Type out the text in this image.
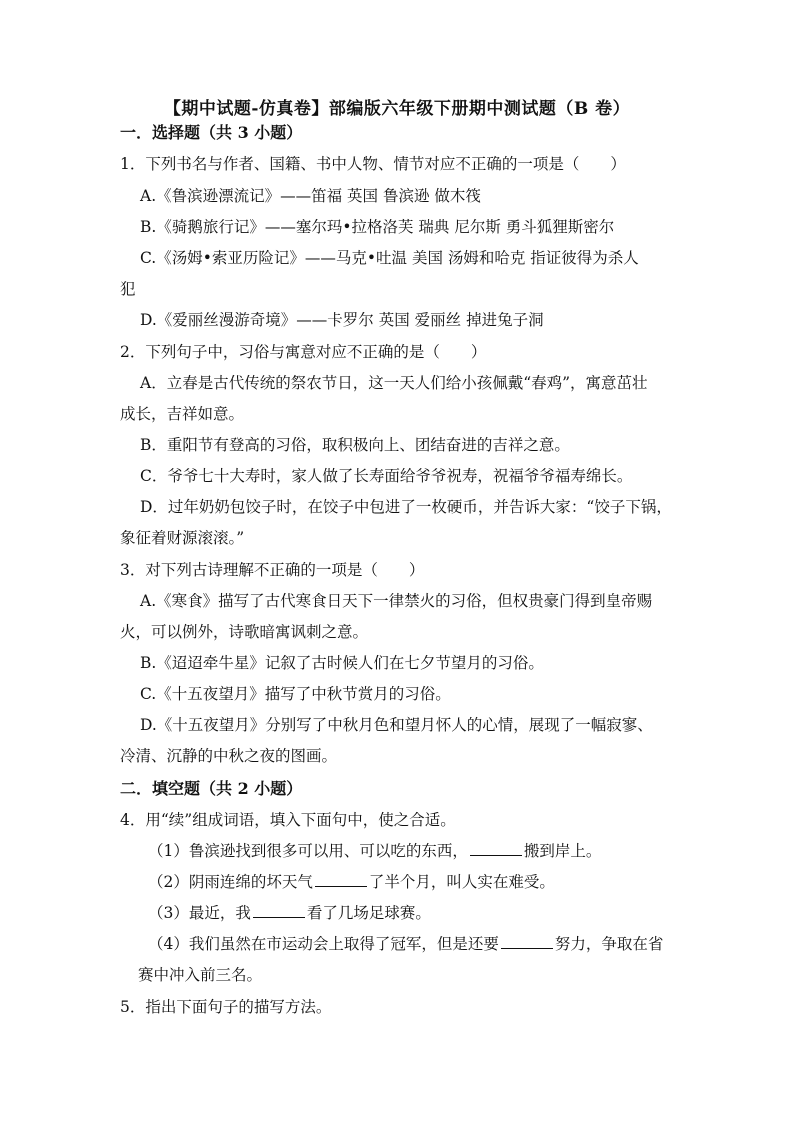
【期中试题-仿真卷】部编版六年级下册期中测试题（B 卷）
一．选择题（共 3 小题）
1．下列书名与作者、国籍、书中人物、情节对应不正确的一项是（　　）
A.《鲁滨逊漂流记》——笛福 英国 鲁滨逊 做木筏
B.《骑鹅旅行记》——塞尔玛•拉格洛芙 瑞典 尼尔斯 勇斗狐狸斯密尔
C.《汤姆•索亚历险记》——马克•吐温 美国 汤姆和哈克 指证彼得为杀人
犯
D.《爱丽丝漫游奇境》——卡罗尔 英国 爱丽丝 掉进兔子洞
2．下列句子中，习俗与寓意对应不正确的是（　　）
A．立春是古代传统的祭农节日，这一天人们给小孩佩戴“春鸡”，寓意茁壮
成长，吉祥如意。
B．重阳节有登高的习俗，取积极向上、团结奋进的吉祥之意。
C．爷爷七十大寿时，家人做了长寿面给爷爷祝寿，祝福爷爷福寿绵长。
D．过年奶奶包饺子时，在饺子中包进了一枚硬币，并告诉大家：“饺子下锅，
象征着财源滚滚。”
3．对下列古诗理解不正确的一项是（　　）
A.《寒食》描写了古代寒食日天下一律禁火的习俗，但权贵豪门得到皇帝赐
火，可以例外，诗歌暗寓讽刺之意。
B.《迢迢牵牛星》记叙了古时候人们在七夕节望月的习俗。
C.《十五夜望月》描写了中秋节赏月的习俗。
D.《十五夜望月》分别写了中秋月色和望月怀人的心情，展现了一幅寂寥、
冷清、沉静的中秋之夜的图画。
二．填空题（共 2 小题）
4．用“续”组成词语，填入下面句中，使之合适。
（1）鲁滨逊找到很多可以用、可以吃的东西，	搬到岸上。
（2）阴雨连绵的坏天气	了半个月，叫人实在难受。
（3）最近，我	看了几场足球赛。
（4）我们虽然在市运动会上取得了冠军，但是还要	努力，争取在省
赛中冲入前三名。
5．指出下面句子的描写方法。
